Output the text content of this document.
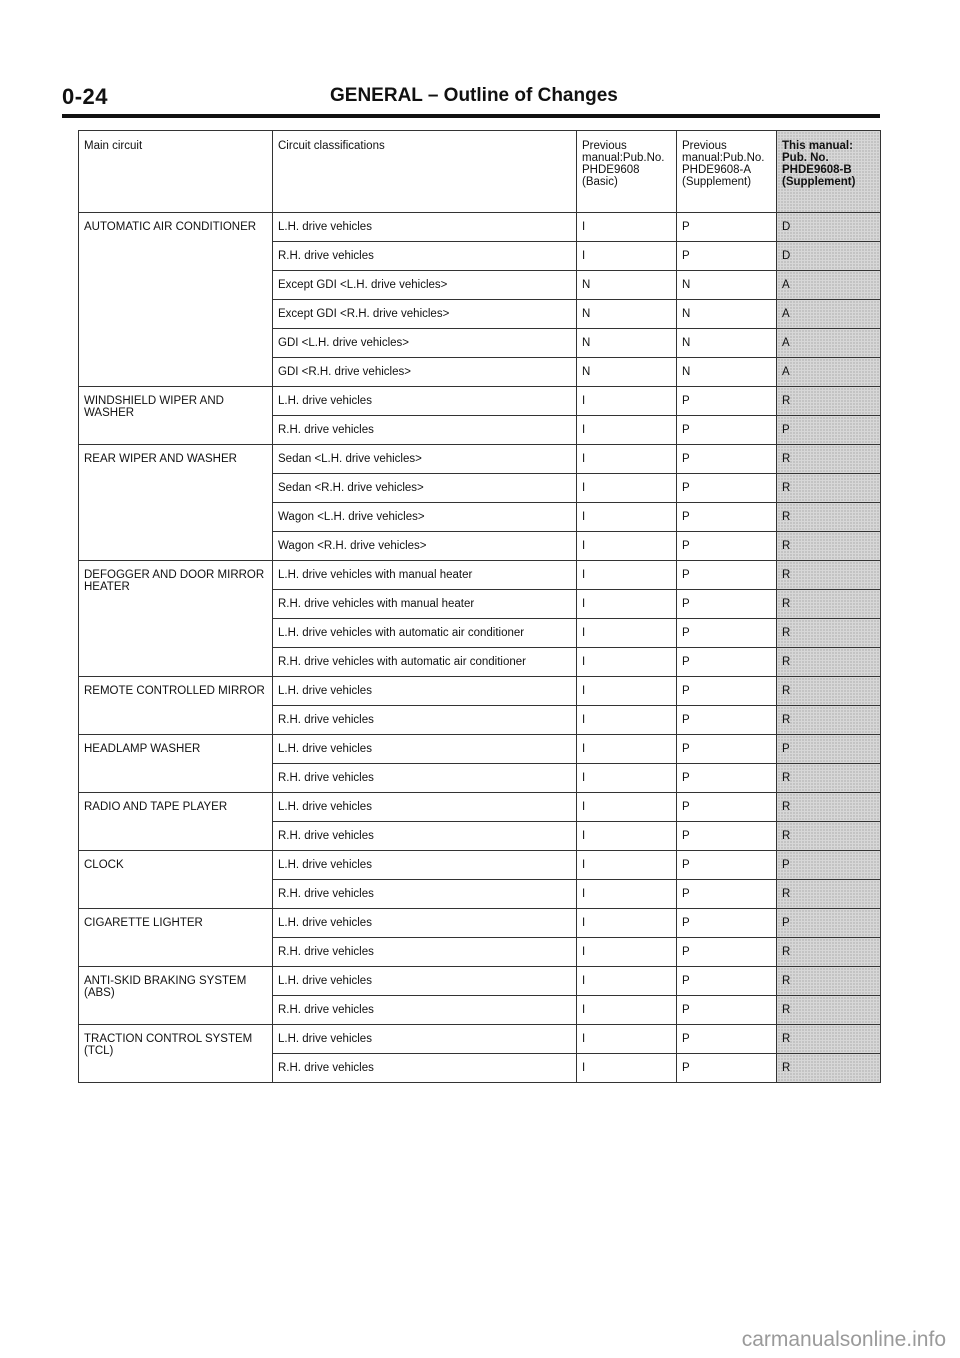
0-24	GENERAL – Outline of Changes
Main circuit	Circuit classifications	Previous manual:Pub.No. PHDE9608 (Basic)	Previous manual:Pub.No. PHDE9608-A (Supplement)	This manual: Pub. No. PHDE9608-B (Supplement)
AUTOMATIC AIR CONDITIONER	L.H. drive vehicles	I	P	D
	R.H. drive vehicles	I	P	D
	Except GDI <L.H. drive vehicles>	N	N	A
	Except GDI <R.H. drive vehicles>	N	N	A
	GDI <L.H. drive vehicles>	N	N	A
	GDI <R.H. drive vehicles>	N	N	A
WINDSHIELD WIPER AND WASHER	L.H. drive vehicles	I	P	R
	R.H. drive vehicles	I	P	P
REAR WIPER AND WASHER	Sedan <L.H. drive vehicles>	I	P	R
	Sedan <R.H. drive vehicles>	I	P	R
	Wagon <L.H. drive vehicles>	I	P	R
	Wagon <R.H. drive vehicles>	I	P	R
DEFOGGER AND DOOR MIRROR HEATER	L.H. drive vehicles with manual heater	I	P	R
	R.H. drive vehicles with manual heater	I	P	R
	L.H. drive vehicles with automatic air conditioner	I	P	R
	R.H. drive vehicles with automatic air conditioner	I	P	R
REMOTE CONTROLLED MIRROR	L.H. drive vehicles	I	P	R
	R.H. drive vehicles	I	P	R
HEADLAMP WASHER	L.H. drive vehicles	I	P	P
	R.H. drive vehicles	I	P	R
RADIO AND TAPE PLAYER	L.H. drive vehicles	I	P	R
	R.H. drive vehicles	I	P	R
CLOCK	L.H. drive vehicles	I	P	P
	R.H. drive vehicles	I	P	R
CIGARETTE LIGHTER	L.H. drive vehicles	I	P	P
	R.H. drive vehicles	I	P	R
ANTI-SKID BRAKING SYSTEM (ABS)	L.H. drive vehicles	I	P	R
	R.H. drive vehicles	I	P	R
TRACTION CONTROL SYSTEM (TCL)	L.H. drive vehicles	I	P	R
	R.H. drive vehicles	I	P	R
carmanualsonline.info
